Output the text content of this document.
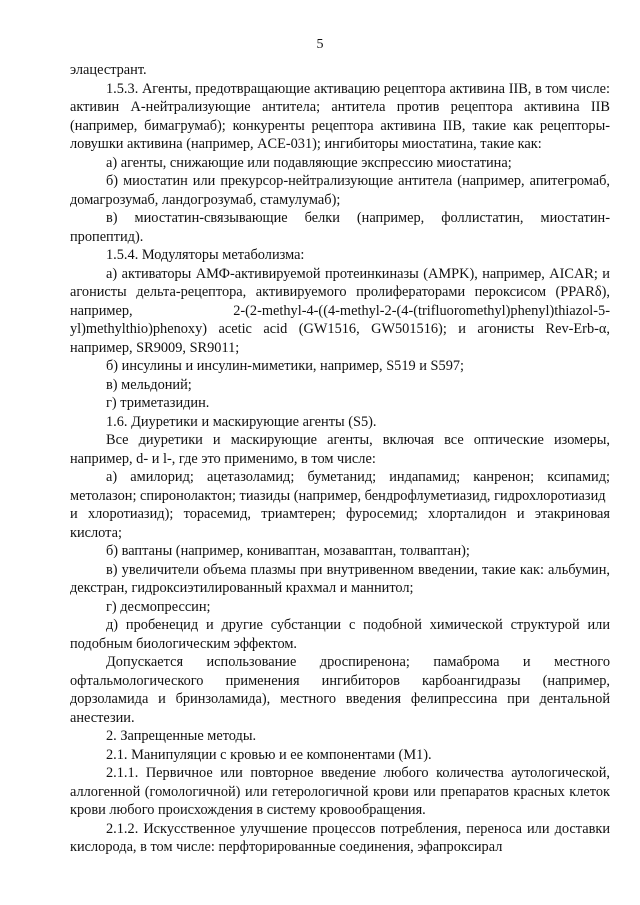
5

элацестрант.

1.5.3. Агенты, предотвращающие активацию рецептора активина IIB, в том числе: активин А-нейтрализующие антитела; антитела против рецептора активина IIB (например, бимагрумаб); конкуренты рецептора активина IIB, такие как рецепторы-ловушки активина (например, ACE-031); ингибиторы миостатина, такие как:

а) агенты, снижающие или подавляющие экспрессию миостатина;

б) миостатин или прекурсор-нейтрализующие антитела (например, апитегромаб, домагрозумаб, ландогрозумаб, стамулумаб);

в) миостатин-связывающие белки (например, фоллистатин, миостатин-пропептид).

1.5.4. Модуляторы метаболизма:

а) активаторы АМФ-активируемой протеинкиназы (AMPK), например, AICAR; и агонисты дельта-рецептора, активируемого пролифераторами пероксисом (PPARδ), например, 2-(2-methyl-4-((4-methyl-2-(4-(trifluoromethyl)phenyl)thiazol-5-yl)methylthio)phenoxy) acetic acid (GW1516, GW501516); и агонисты Rev-Erb-α, например, SR9009, SR9011;

б) инсулины и инсулин-миметики, например, S519 и S597;

в) мельдоний;

г) триметазидин.

1.6. Диуретики и маскирующие агенты (S5).

Все диуретики и маскирующие агенты, включая все оптические изомеры, например, d- и l-, где это применимо, в том числе:

а) амилорид; ацетазоламид; буметанид; индапамид; канренон; ксипамид; метолазон; спиронолактон; тиазиды (например, бендрофлуметиазид, гидрохлоротиазид

и хлоротиазид); торасемид, триамтерен; фуросемид; хлорталидон и этакриновая кислота;

б) ваптаны (например, кониваптан, мозаваптан, толваптан);

в) увеличители объема плазмы при внутривенном введении, такие как: альбумин, декстран, гидроксиэтилированный крахмал и маннитол;

г) десмопрессин;

д) пробенецид и другие субстанции с подобной химической структурой или подобным биологическим эффектом.

Допускается использование дроспиренона; памаброма и местного офтальмологического применения ингибиторов карбоангидразы (например, дорзоламида и бринзоламида), местного введения фелипрессина при дентальной анестезии.

2. Запрещенные методы.

2.1. Манипуляции с кровью и ее компонентами (М1).

2.1.1. Первичное или повторное введение любого количества аутологической, аллогенной (гомологичной) или гетерологичной крови или препаратов красных клеток крови любого происхождения в систему кровообращения.

2.1.2. Искусственное улучшение процессов потребления, переноса или доставки кислорода, в том числе: перфторированные соединения, эфапроксирал
